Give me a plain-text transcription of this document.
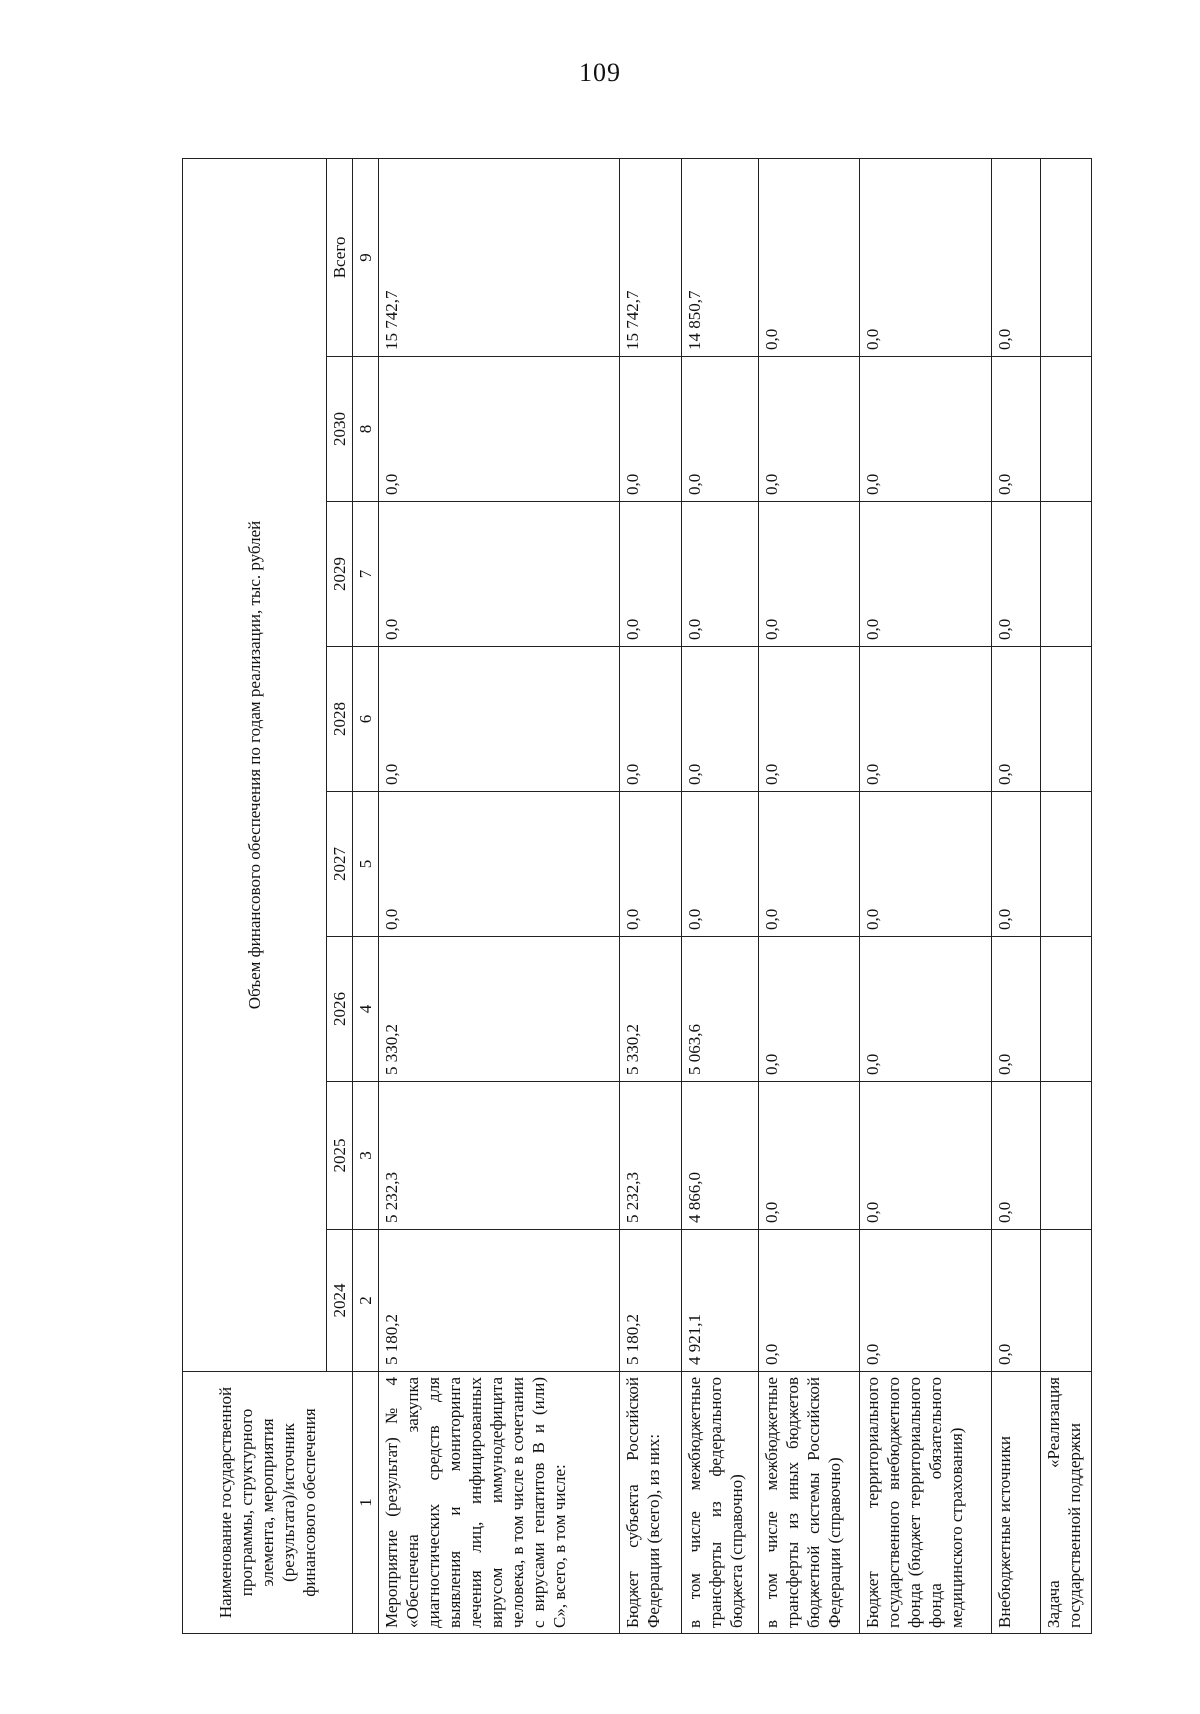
109
Наименование государственной программы, структурного элемента, мероприятия (результата)/источник финансового обеспечения	Объем финансового обеспечения по годам реализации, тыс. рублей							
	2024	2025	2026	2027	2028	2029	2030	Всего
1	2	3	4	5	6	7	8	9
Мероприятие (результат) № 4 «Обеспечена закупка диагностических средств для выявления и мониторинга лечения лиц, инфицированных вирусом иммунодефицита человека, в том числе в сочетании с вирусами гепатитов B и (или) C», всего, в том числе:	5 180,2	5 232,3	5 330,2	0,0	0,0	0,0	0,0	15 742,7
Бюджет субъекта Российской Федерации (всего), из них:	5 180,2	5 232,3	5 330,2	0,0	0,0	0,0	0,0	15 742,7
в том числе межбюджетные трансферты из федерального бюджета (справочно)	4 921,1	4 866,0	5 063,6	0,0	0,0	0,0	0,0	14 850,7
в том числе межбюджетные трансферты из иных бюджетов бюджетной системы Российской Федерации (справочно)	0,0	0,0	0,0	0,0	0,0	0,0	0,0	0,0
Бюджет территориального государственного внебюджетного фонда (бюджет территориального фонда обязательного медицинского страхования)	0,0	0,0	0,0	0,0	0,0	0,0	0,0	0,0
Внебюджетные источники	0,0	0,0	0,0	0,0	0,0	0,0	0,0	0,0
Задача «Реализация государственной поддержки								
